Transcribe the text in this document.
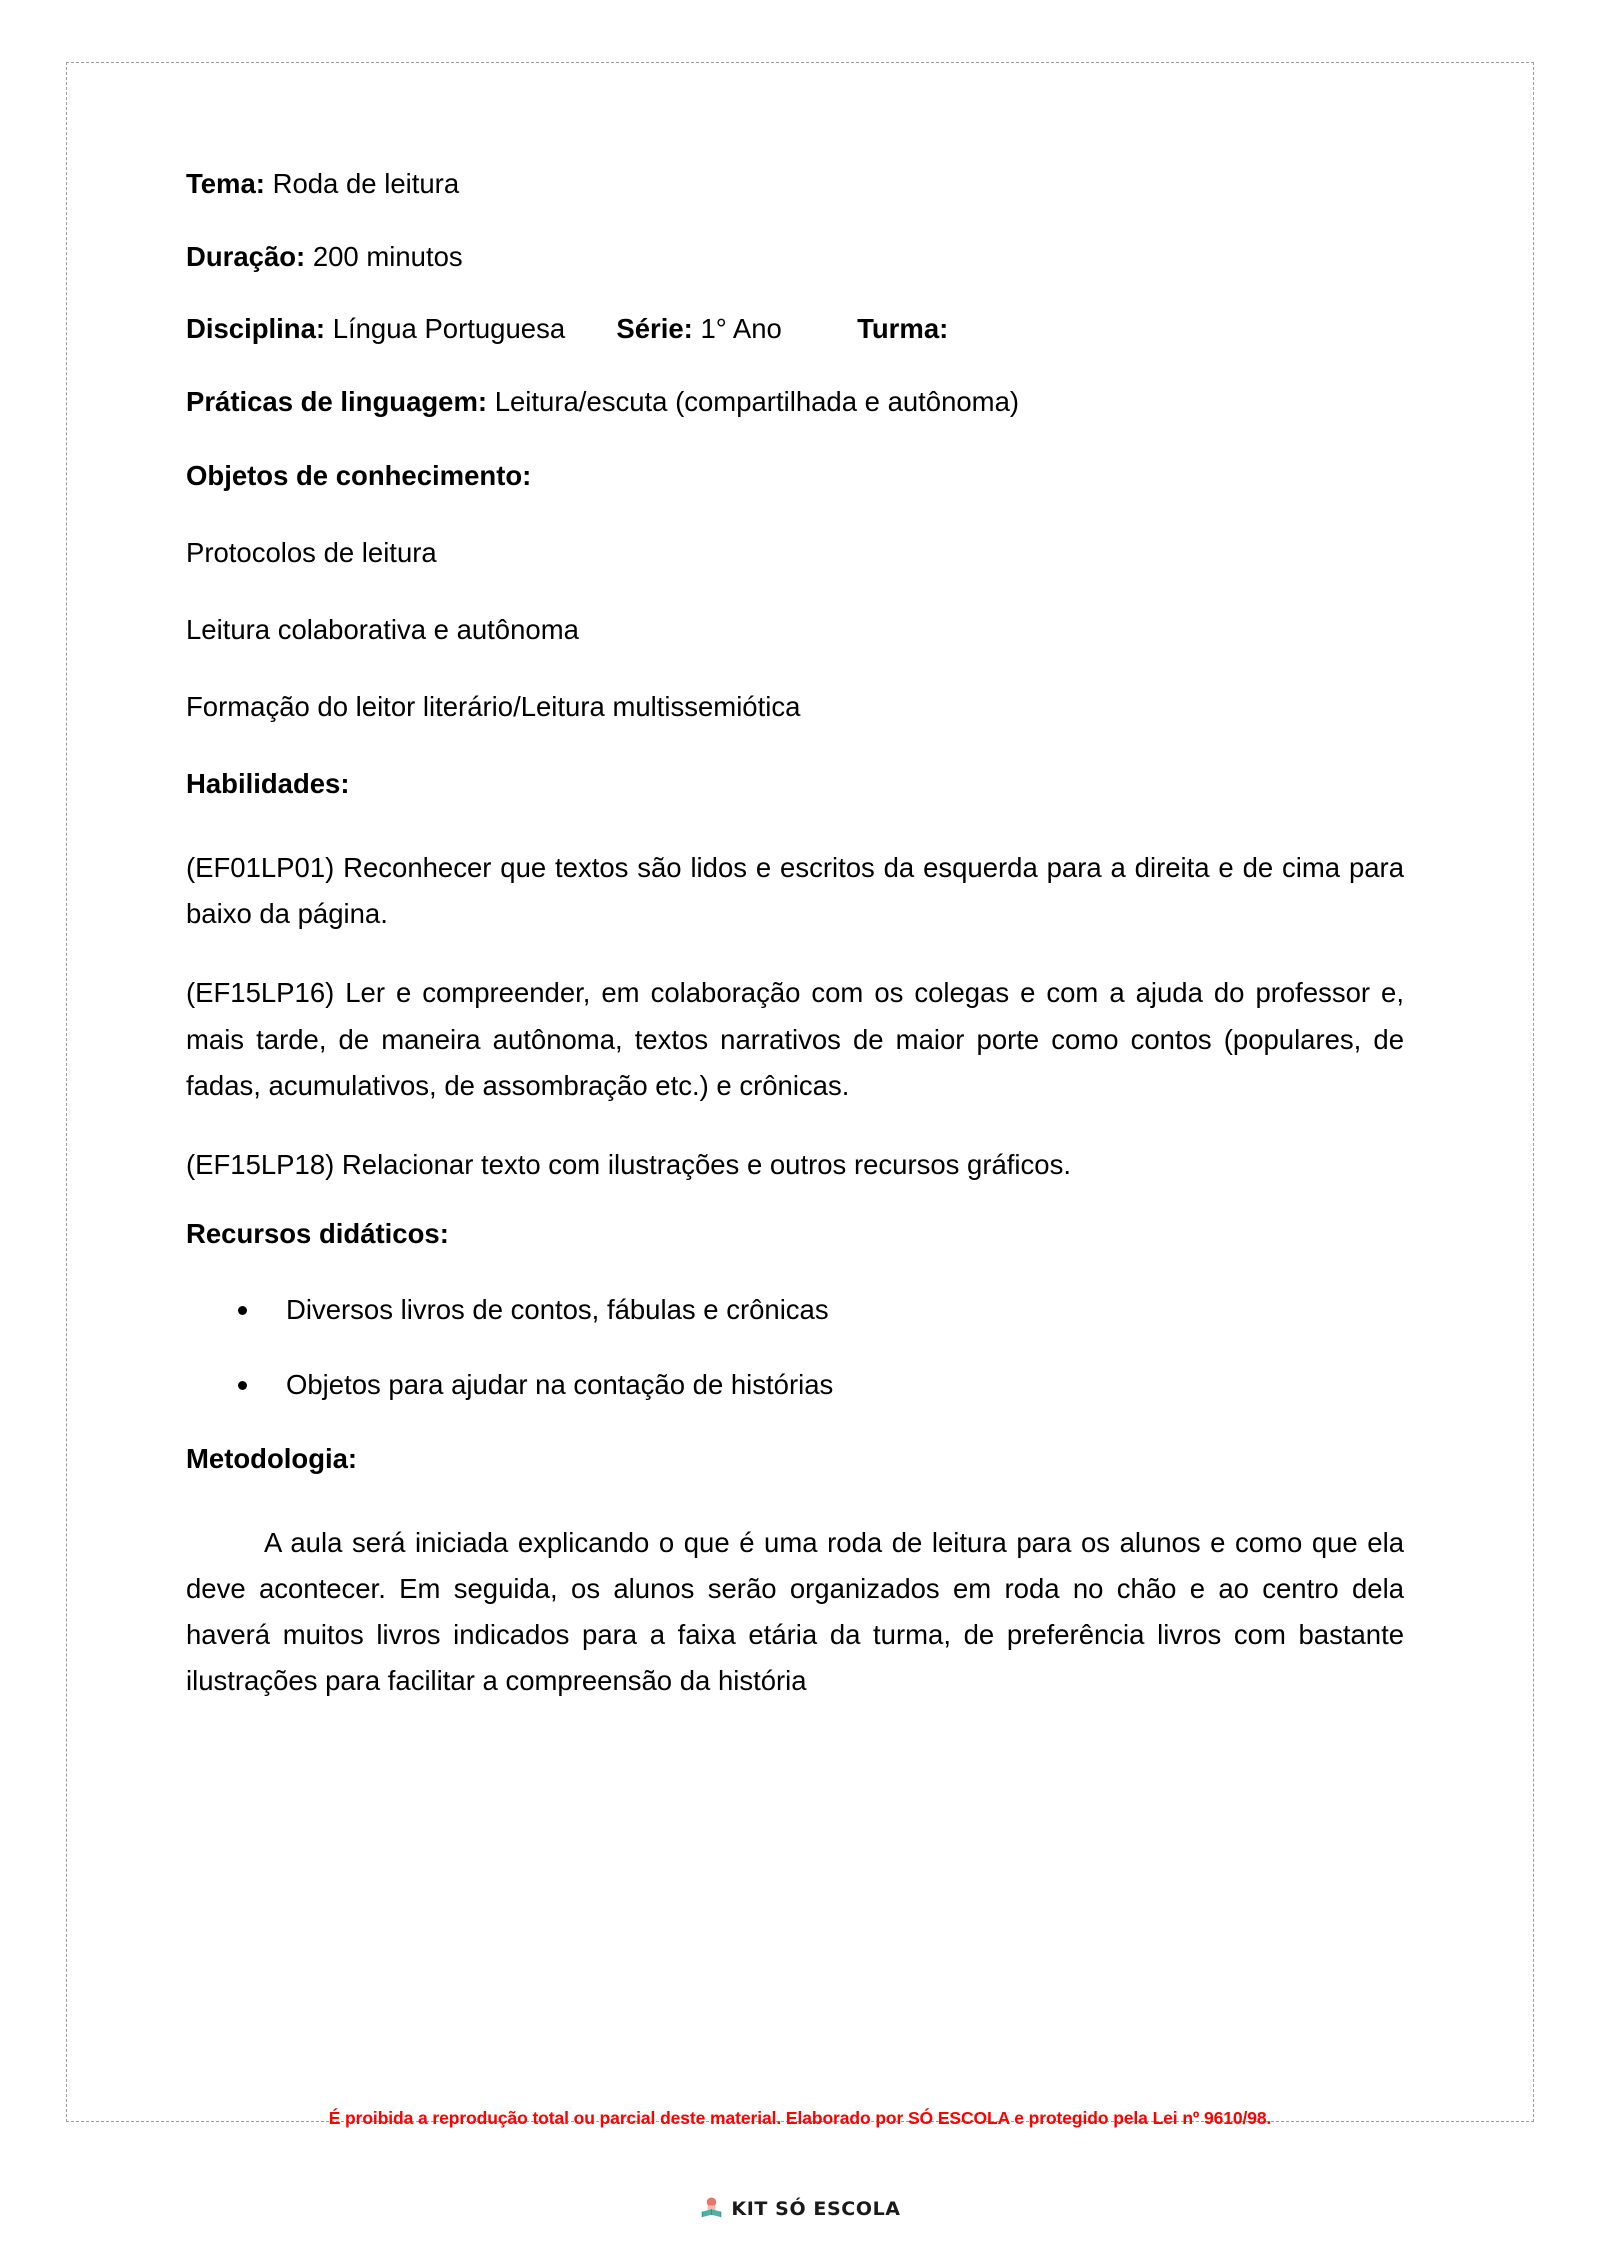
Tema: Roda de leitura

Duração: 200 minutos

Disciplina: Língua Portuguesa Série: 1° Ano	Turma:

Práticas de linguagem: Leitura/escuta (compartilhada e autônoma)

Objetos de conhecimento:

Protocolos de leitura

Leitura colaborativa e autônoma

Formação do leitor literário/Leitura multissemiótica

Habilidades:

(EF01LP01) Reconhecer que textos são lidos e escritos da esquerda para a direita e de cima para baixo da página.

(EF15LP16) Ler e compreender, em colaboração com os colegas e com a ajuda do professor e, mais tarde, de maneira autônoma, textos narrativos de maior porte como contos (populares, de fadas, acumulativos, de assombração etc.) e crônicas.

(EF15LP18) Relacionar texto com ilustrações e outros recursos gráficos.

Recursos didáticos:

Diversos livros de contos, fábulas e crônicas
Objetos para ajudar na contação de histórias

Metodologia:

A aula será iniciada explicando o que é uma roda de leitura para os alunos e como que ela deve acontecer. Em seguida, os alunos serão organizados em roda no chão e ao centro dela haverá muitos livros indicados para a faixa etária da turma, de preferência livros com bastante ilustrações para facilitar a compreensão da história

É proibida a reprodução total ou parcial deste material. Elaborado por SÓ ESCOLA e protegido pela Lei nº 9610/98.
KIT SÓ ESCOLA
